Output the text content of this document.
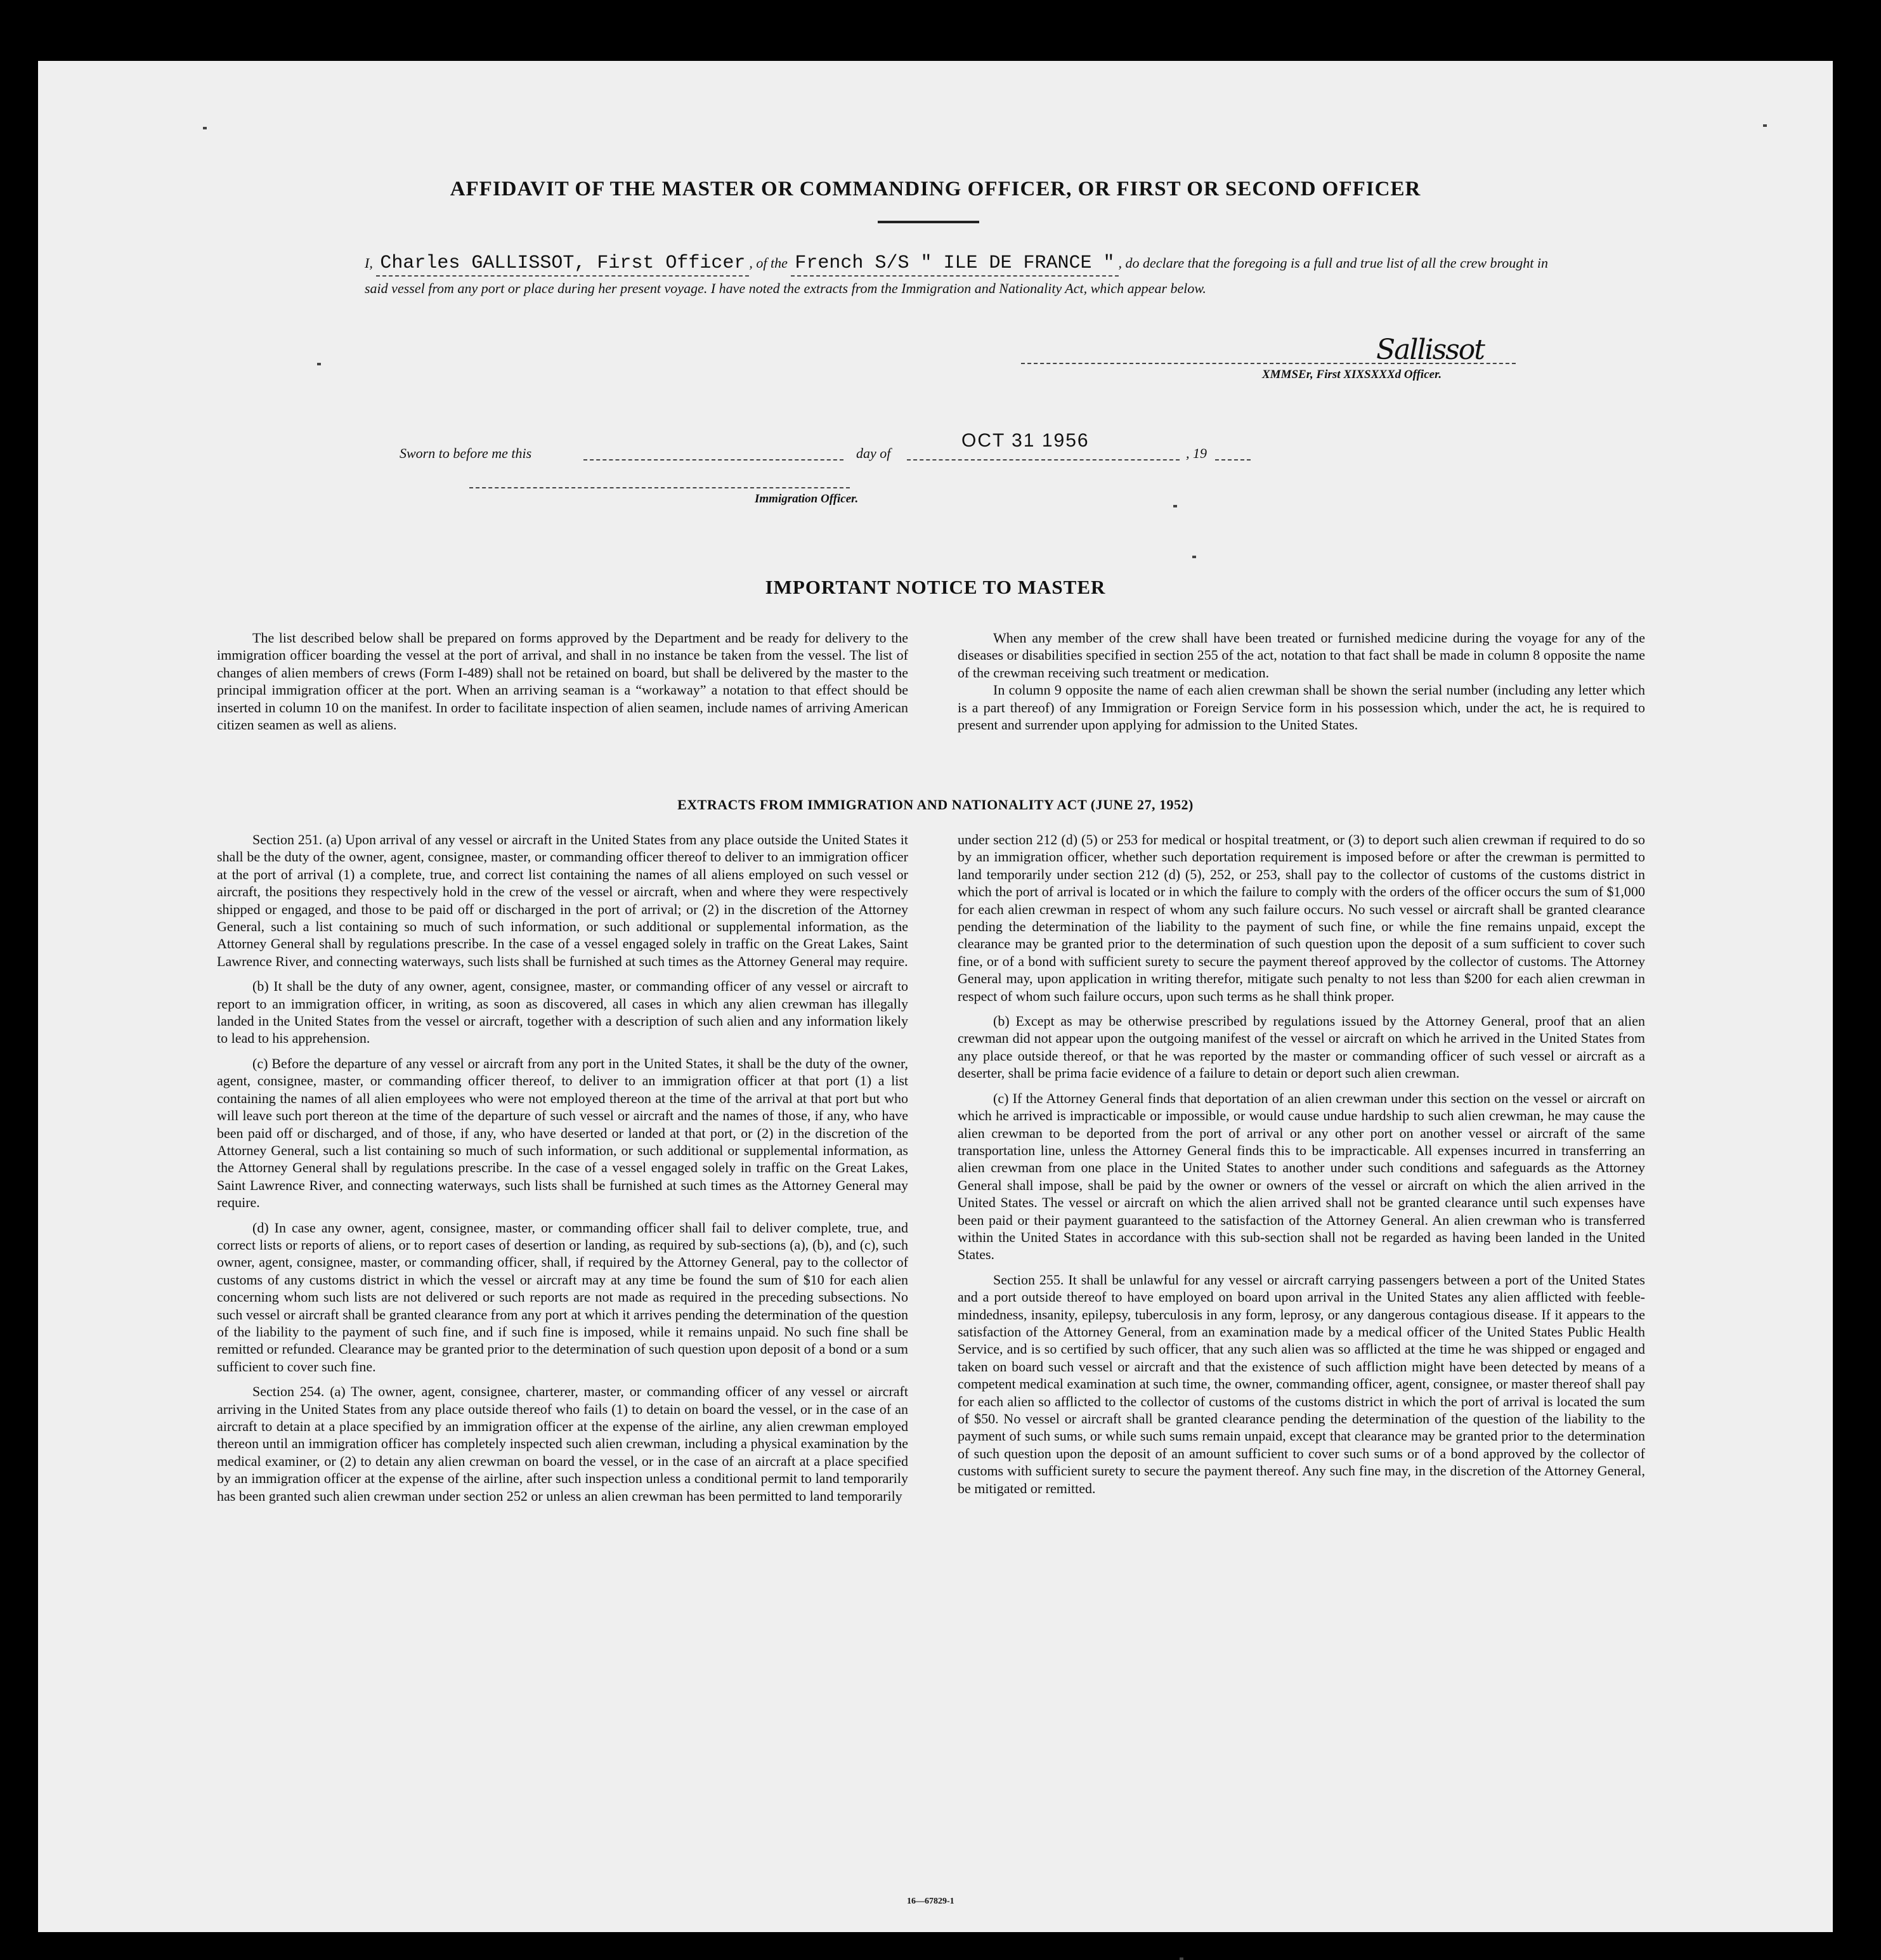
AFFIDAVIT OF THE MASTER OR COMMANDING OFFICER, OR FIRST OR SECOND OFFICER
I, Charles GALLISSOT, First Officer , of the French S/S " ILE DE FRANCE " , do declare that the foregoing is a full and true list of all the crew brought in said vessel from any port or place during her present voyage. I have noted the extracts from the Immigration and Nationality Act, which appear below.
Sallissot
XMMSEr, First XIXSXXXd Officer.
Sworn to before me this	day of
OCT 31 1956
, 19
Immigration Officer.
IMPORTANT NOTICE TO MASTER

The list described below shall be prepared on forms approved by the Department and be ready for delivery to the immigration officer boarding the vessel at the port of arrival, and shall in no instance be taken from the vessel. The list of changes of alien members of crews (Form I-489) shall not be retained on board, but shall be delivered by the master to the principal immigration officer at the port. When an arriving seaman is a “workaway” a notation to that effect should be inserted in column 10 on the manifest. In order to facilitate inspection of alien seamen, include names of arriving American citizen seamen as well as aliens.

When any member of the crew shall have been treated or furnished medicine during the voyage for any of the diseases or disabilities specified in section 255 of the act, notation to that fact shall be made in column 8 opposite the name of the crewman receiving such treatment or medication.

In column 9 opposite the name of each alien crewman shall be shown the serial number (including any letter which is a part thereof) of any Immigration or Foreign Service form in his possession which, under the act, he is required to present and surrender upon applying for admission to the United States.

EXTRACTS FROM IMMIGRATION AND NATIONALITY ACT (JUNE 27, 1952)

Section 251. (a) Upon arrival of any vessel or aircraft in the United States from any place outside the United States it shall be the duty of the owner, agent, consignee, master, or commanding officer thereof to deliver to an immigration officer at the port of arrival (1) a complete, true, and correct list containing the names of all aliens employed on such vessel or aircraft, the positions they respectively hold in the crew of the vessel or aircraft, when and where they were respectively shipped or engaged, and those to be paid off or discharged in the port of arrival; or (2) in the discretion of the Attorney General, such a list containing so much of such information, or such additional or supplemental information, as the Attorney General shall by regulations prescribe. In the case of a vessel engaged solely in traffic on the Great Lakes, Saint Lawrence River, and connecting waterways, such lists shall be furnished at such times as the Attorney General may require.

(b) It shall be the duty of any owner, agent, consignee, master, or commanding officer of any vessel or aircraft to report to an immigration officer, in writing, as soon as discovered, all cases in which any alien crewman has illegally landed in the United States from the vessel or aircraft, together with a description of such alien and any information likely to lead to his apprehension.

(c) Before the departure of any vessel or aircraft from any port in the United States, it shall be the duty of the owner, agent, consignee, master, or commanding officer thereof, to deliver to an immigration officer at that port (1) a list containing the names of all alien employees who were not employed thereon at the time of the arrival at that port but who will leave such port thereon at the time of the departure of such vessel or aircraft and the names of those, if any, who have been paid off or discharged, and of those, if any, who have deserted or landed at that port, or (2) in the discretion of the Attorney General, such a list containing so much of such information, or such additional or supplemental information, as the Attorney General shall by regulations prescribe. In the case of a vessel engaged solely in traffic on the Great Lakes, Saint Lawrence River, and connecting waterways, such lists shall be furnished at such times as the Attorney General may require.

(d) In case any owner, agent, consignee, master, or commanding officer shall fail to deliver complete, true, and correct lists or reports of aliens, or to report cases of desertion or landing, as required by sub-sections (a), (b), and (c), such owner, agent, consignee, master, or commanding officer, shall, if required by the Attorney General, pay to the collector of customs of any customs district in which the vessel or aircraft may at any time be found the sum of $10 for each alien concerning whom such lists are not delivered or such reports are not made as required in the preceding subsections. No such vessel or aircraft shall be granted clearance from any port at which it arrives pending the determination of the question of the liability to the payment of such fine, and if such fine is imposed, while it remains unpaid. No such fine shall be remitted or refunded. Clearance may be granted prior to the determination of such question upon deposit of a bond or a sum sufficient to cover such fine.

Section 254. (a) The owner, agent, consignee, charterer, master, or commanding officer of any vessel or aircraft arriving in the United States from any place outside thereof who fails (1) to detain on board the vessel, or in the case of an aircraft to detain at a place specified by an immigration officer at the expense of the airline, any alien crewman employed thereon until an immigration officer has completely inspected such alien crewman, including a physical examination by the medical examiner, or (2) to detain any alien crewman on board the vessel, or in the case of an aircraft at a place specified by an immigration officer at the expense of the airline, after such inspection unless a conditional permit to land temporarily has been granted such alien crewman under section 252 or unless an alien crewman has been permitted to land temporarily

under section 212 (d) (5) or 253 for medical or hospital treatment, or (3) to deport such alien crewman if required to do so by an immigration officer, whether such deportation requirement is imposed before or after the crewman is permitted to land temporarily under section 212 (d) (5), 252, or 253, shall pay to the collector of customs of the customs district in which the port of arrival is located or in which the failure to comply with the orders of the officer occurs the sum of $1,000 for each alien crewman in respect of whom any such failure occurs. No such vessel or aircraft shall be granted clearance pending the determination of the liability to the payment of such fine, or while the fine remains unpaid, except the clearance may be granted prior to the determination of such question upon the deposit of a sum sufficient to cover such fine, or of a bond with sufficient surety to secure the payment thereof approved by the collector of customs. The Attorney General may, upon application in writing therefor, mitigate such penalty to not less than $200 for each alien crewman in respect of whom such failure occurs, upon such terms as he shall think proper.

(b) Except as may be otherwise prescribed by regulations issued by the Attorney General, proof that an alien crewman did not appear upon the outgoing manifest of the vessel or aircraft on which he arrived in the United States from any place outside thereof, or that he was reported by the master or commanding officer of such vessel or aircraft as a deserter, shall be prima facie evidence of a failure to detain or deport such alien crewman.

(c) If the Attorney General finds that deportation of an alien crewman under this section on the vessel or aircraft on which he arrived is impracticable or impossible, or would cause undue hardship to such alien crewman, he may cause the alien crewman to be deported from the port of arrival or any other port on another vessel or aircraft of the same transportation line, unless the Attorney General finds this to be impracticable. All expenses incurred in transferring an alien crewman from one place in the United States to another under such conditions and safeguards as the Attorney General shall impose, shall be paid by the owner or owners of the vessel or aircraft on which the alien arrived in the United States. The vessel or aircraft on which the alien arrived shall not be granted clearance until such expenses have been paid or their payment guaranteed to the satisfaction of the Attorney General. An alien crewman who is transferred within the United States in accordance with this sub-section shall not be regarded as having been landed in the United States.

Section 255. It shall be unlawful for any vessel or aircraft carrying passengers between a port of the United States and a port outside thereof to have employed on board upon arrival in the United States any alien afflicted with feeble-mindedness, insanity, epilepsy, tuberculosis in any form, leprosy, or any dangerous contagious disease. If it appears to the satisfaction of the Attorney General, from an examination made by a medical officer of the United States Public Health Service, and is so certified by such officer, that any such alien was so afflicted at the time he was shipped or engaged and taken on board such vessel or aircraft and that the existence of such affliction might have been detected by means of a competent medical examination at such time, the owner, commanding officer, agent, consignee, or master thereof shall pay for each alien so afflicted to the collector of customs of the customs district in which the port of arrival is located the sum of $50. No vessel or aircraft shall be granted clearance pending the determination of the question of the liability to the payment of such sums, or while such sums remain unpaid, except that clearance may be granted prior to the determination of such question upon the deposit of an amount sufficient to cover such sums or of a bond approved by the collector of customs with sufficient surety to secure the payment thereof. Any such fine may, in the discretion of the Attorney General, be mitigated or remitted.

16—67829-1
